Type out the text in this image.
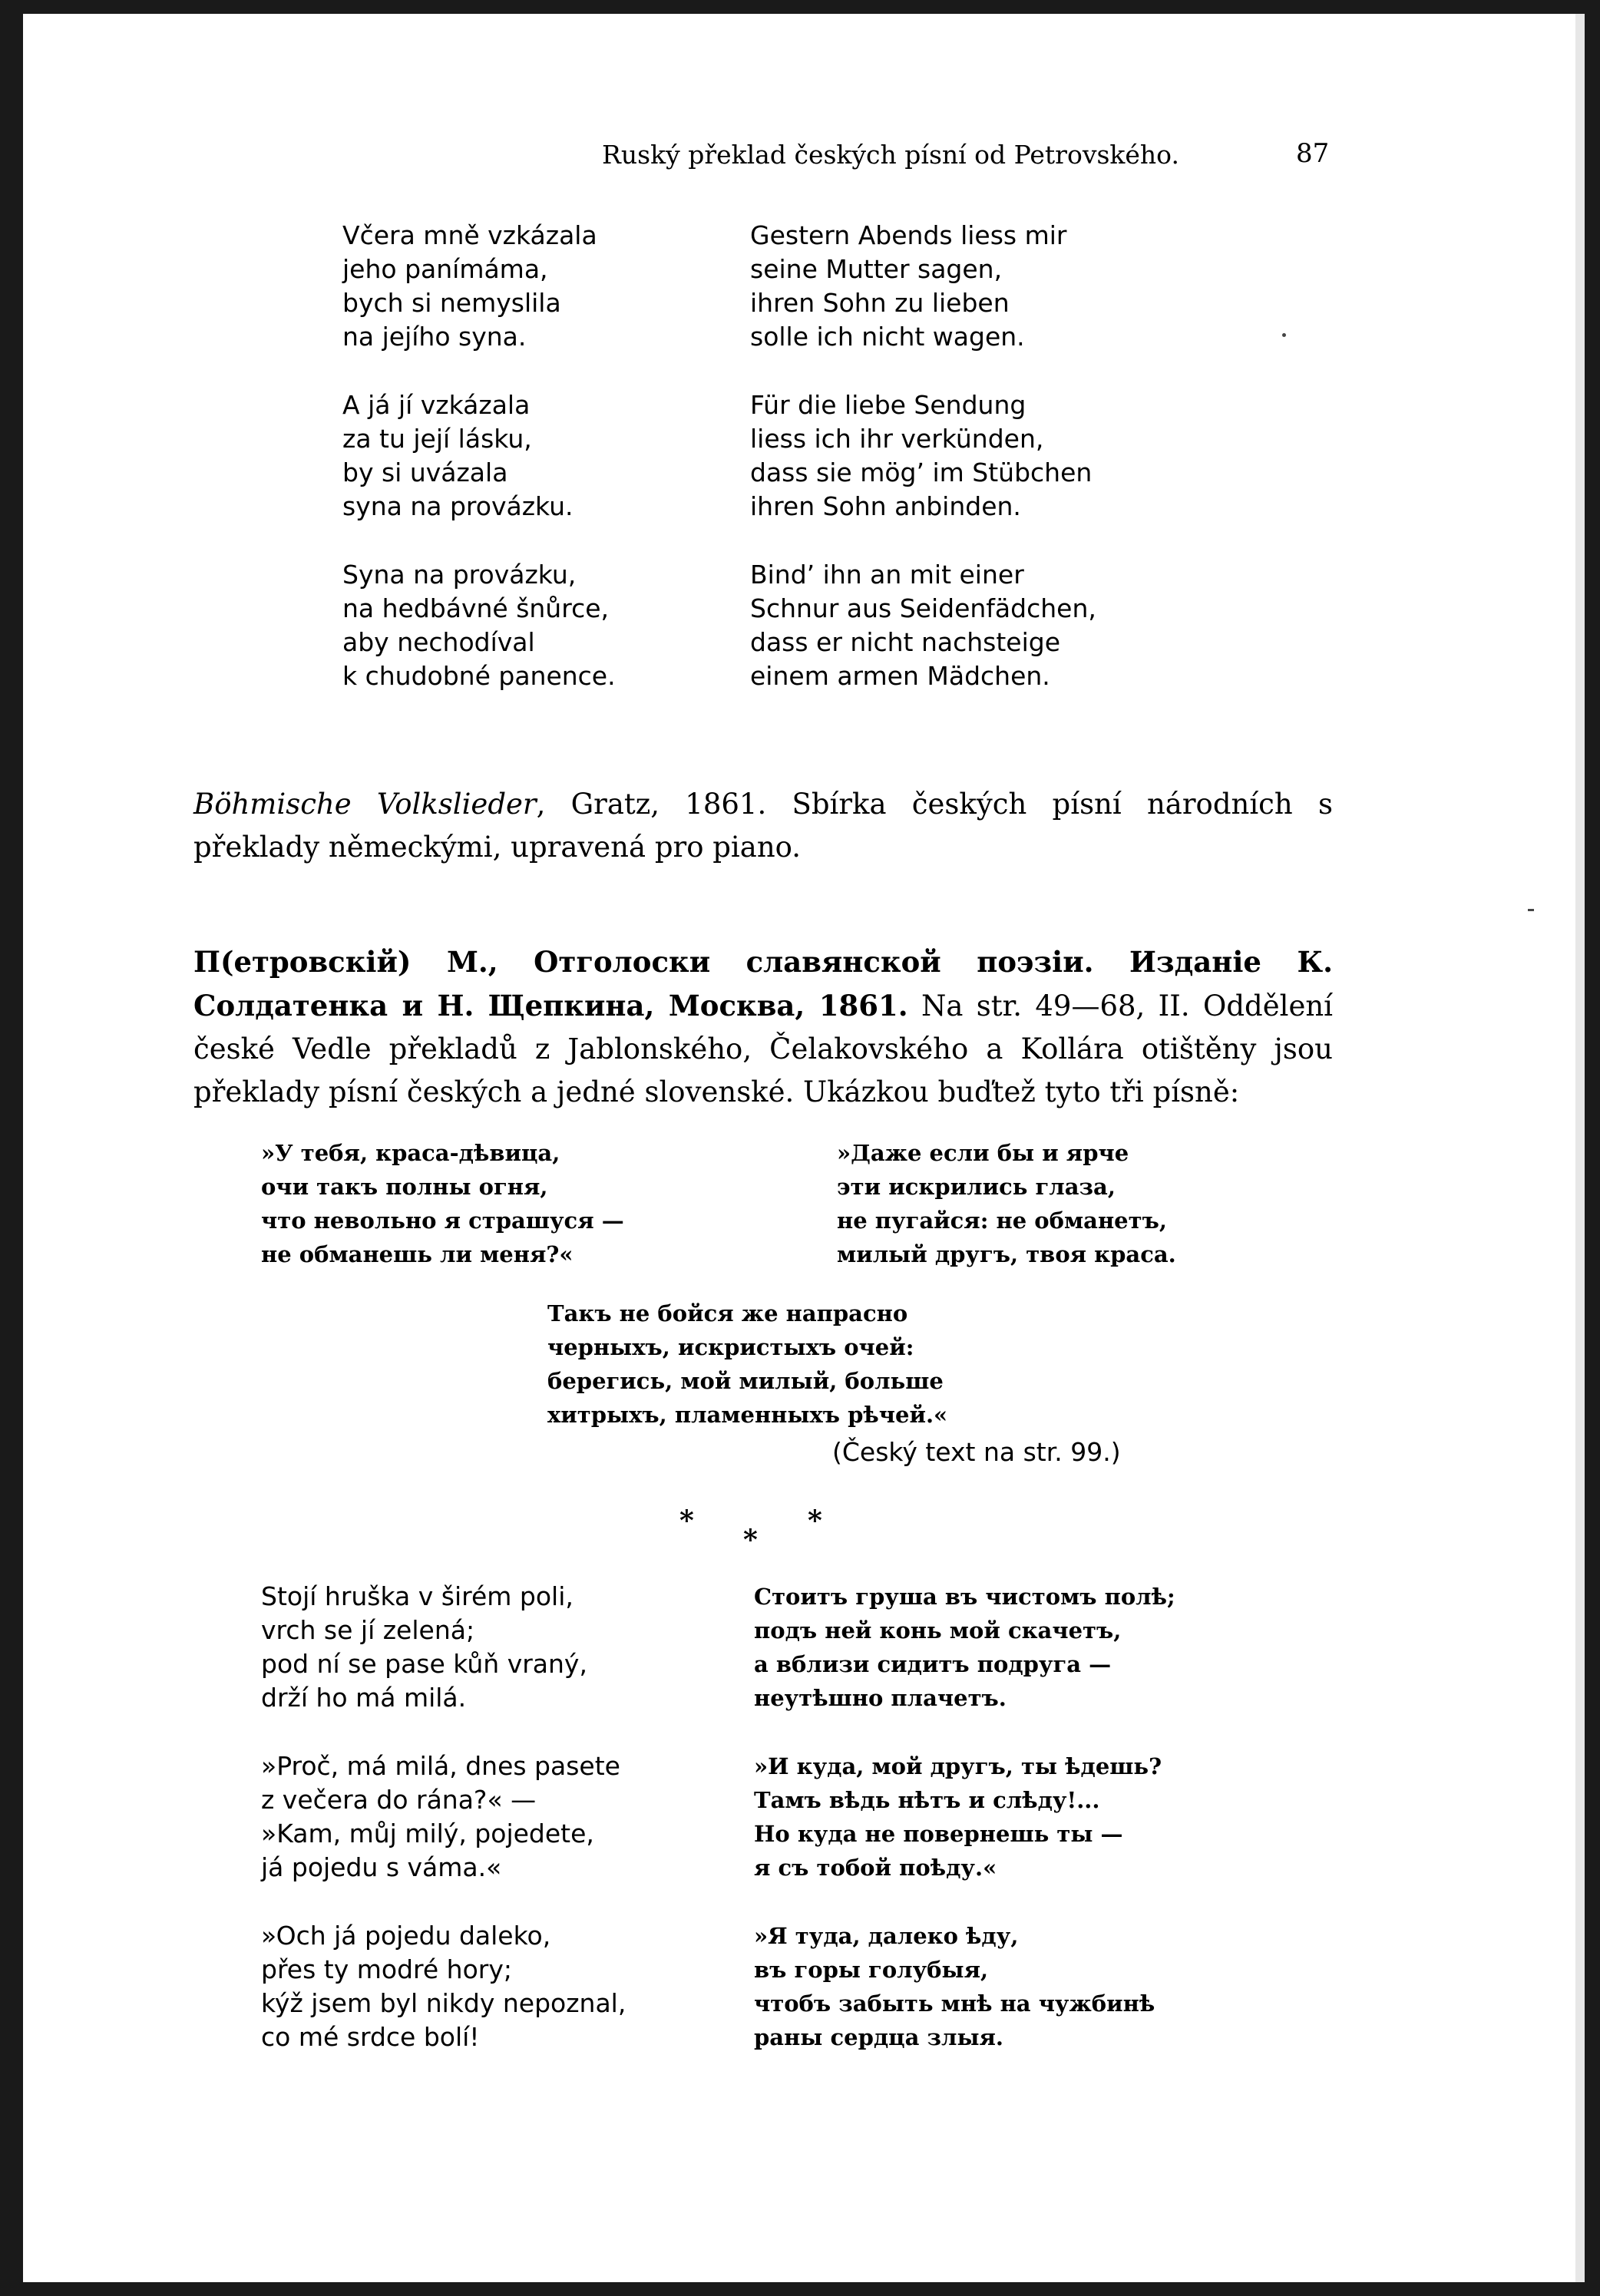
Ruský překlad českých písní od Petrovského.	87
Včera mně vzkázala
jeho panímáma,
bych si nemyslila
na jejího syna.
A já jí vzkázala
za tu její lásku,
by si uvázala
syna na provázku.
Syna na provázku,
na hedbávné šnůrce,
aby nechodíval
k chudobné panence.
Gestern Abends liess mir
seine Mutter sagen,
ihren Sohn zu lieben
solle ich nicht wagen.
Für die liebe Sendung
liess ich ihr verkünden,
dass sie mög’ im Stübchen
ihren Sohn anbinden.
Bind’ ihn an mit einer
Schnur aus Seidenfädchen,
dass er nicht nachsteige
einem armen Mädchen.
Böhmische Volkslieder, Gratz, 1861. Sbírka českých písní národních s překlady německými, upravená pro piano.
П(етровскій) М., Отголоски славянской поэзіи. Изданіе К. Солдатенка и Н. Щепкина, Москва, 1861. Na str. 49—68, II. Oddělení české Vedle překladů z Jablonského, Čelakovského a Kollára otištěny jsou překlady písní českých a jedné slovenské. Ukázkou buďtež tyto tři písně:
»У тебя, краса-дѣвица,
очи такъ полны огня,
что невольно я страшуся —
не обманешь ли меня?«
»Даже если бы и ярче
эти искрились глаза,
не пугайся: не обманетъ,
милый другъ, твоя краса.
Такъ не бойся же напрасно
черныхъ, искристыхъ очей:
берегись, мой милый, больше
хитрыхъ, пламенныхъ рѣчей.«
(Český text na str. 99.)
*
*
*
Stojí hruška v širém poli,
vrch se jí zelená;
pod ní se pase kůň vraný,
drží ho má milá.
»Proč, má milá, dnes pasete
z večera do rána?« —
»Kam, můj milý, pojedete,
já pojedu s vámа.«
»Och já pojedu daleko,
přes ty modré hory;
kýž jsem byl nikdy nepoznal,
co mé srdce bolí!
Стоитъ груша въ чистомъ полѣ;
подъ ней конь мой скачетъ,
а вблизи сидитъ подруга —
неутѣшно плачетъ.
»И куда, мой другъ, ты ѣдешь?
Тамъ вѣдь нѣтъ и слѣду!...
Но куда не повернешь ты —
я съ тобой поѣду.«
»Я туда, далеко ѣду,
въ горы голубыя,
чтобъ забыть мнѣ на чужбинѣ
раны сердца злыя.
